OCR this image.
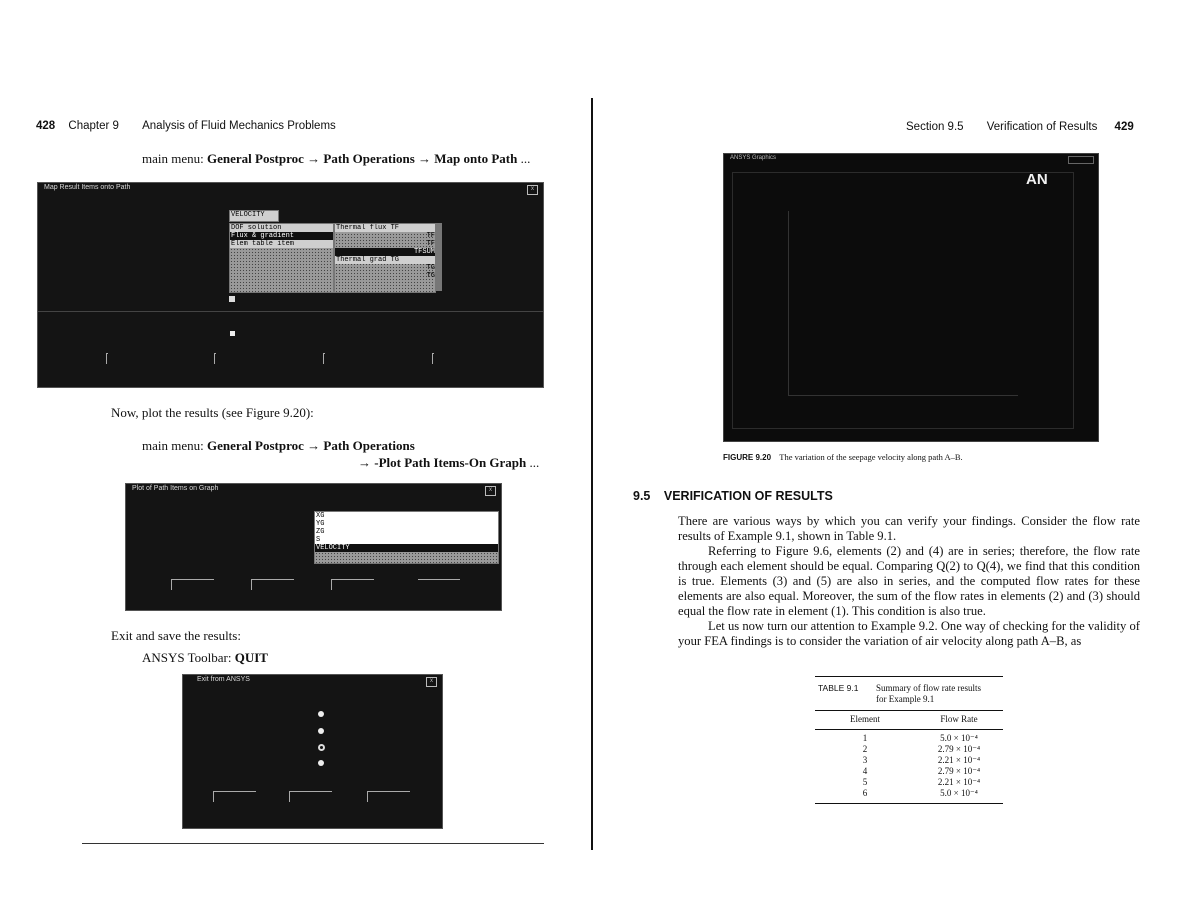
428 Chapter 9 Analysis of Fluid Mechanics Problems
main menu: General Postproc → Path Operations → Map onto Path ...
Map Result Items onto Path	x
VELOCITY
DOF solution
Flux & gradient
Elem table item
Thermal flux TF
TF
TF
TFSUM
Thermal grad TG
TG
TG
Now, plot the results (see Figure 9.20):
main menu: General Postproc → Path Operations
→ -Plot Path Items-On Graph ...
Plot of Path Items on Graph	x
XG
YG
ZG
S
VELOCITY
Exit and save the results:
ANSYS Toolbar: QUIT
Exit from ANSYS	x
Section 9.5 Verification of Results 429
ANSYS Graphics
AN
FIGURE 9.20 The variation of the seepage velocity along path A–B.
9.5 VERIFICATION OF RESULTS
There are various ways by which you can verify your findings. Consider the flow rate results of Example 9.1, shown in Table 9.1.
Referring to Figure 9.6, elements (2) and (4) are in series; therefore, the flow rate through each element should be equal. Comparing Q(2) to Q(4), we find that this condition is true. Elements (3) and (5) are also in series, and the computed flow rates for these elements are also equal. Moreover, the sum of the flow rates in elements (2) and (3) should equal the flow rate in element (1). This condition is also true.
Let us now turn our attention to Example 9.2. One way of checking for the validity of your FEA findings is to consider the variation of air velocity along path A–B, as
TABLE 9.1	Summary of flow rate results
for Example 9.1
Element	Flow Rate
1	5.0 × 10⁻⁴
2	2.79 × 10⁻⁴
3	2.21 × 10⁻⁴
4	2.79 × 10⁻⁴
5	2.21 × 10⁻⁴
6	5.0 × 10⁻⁴
